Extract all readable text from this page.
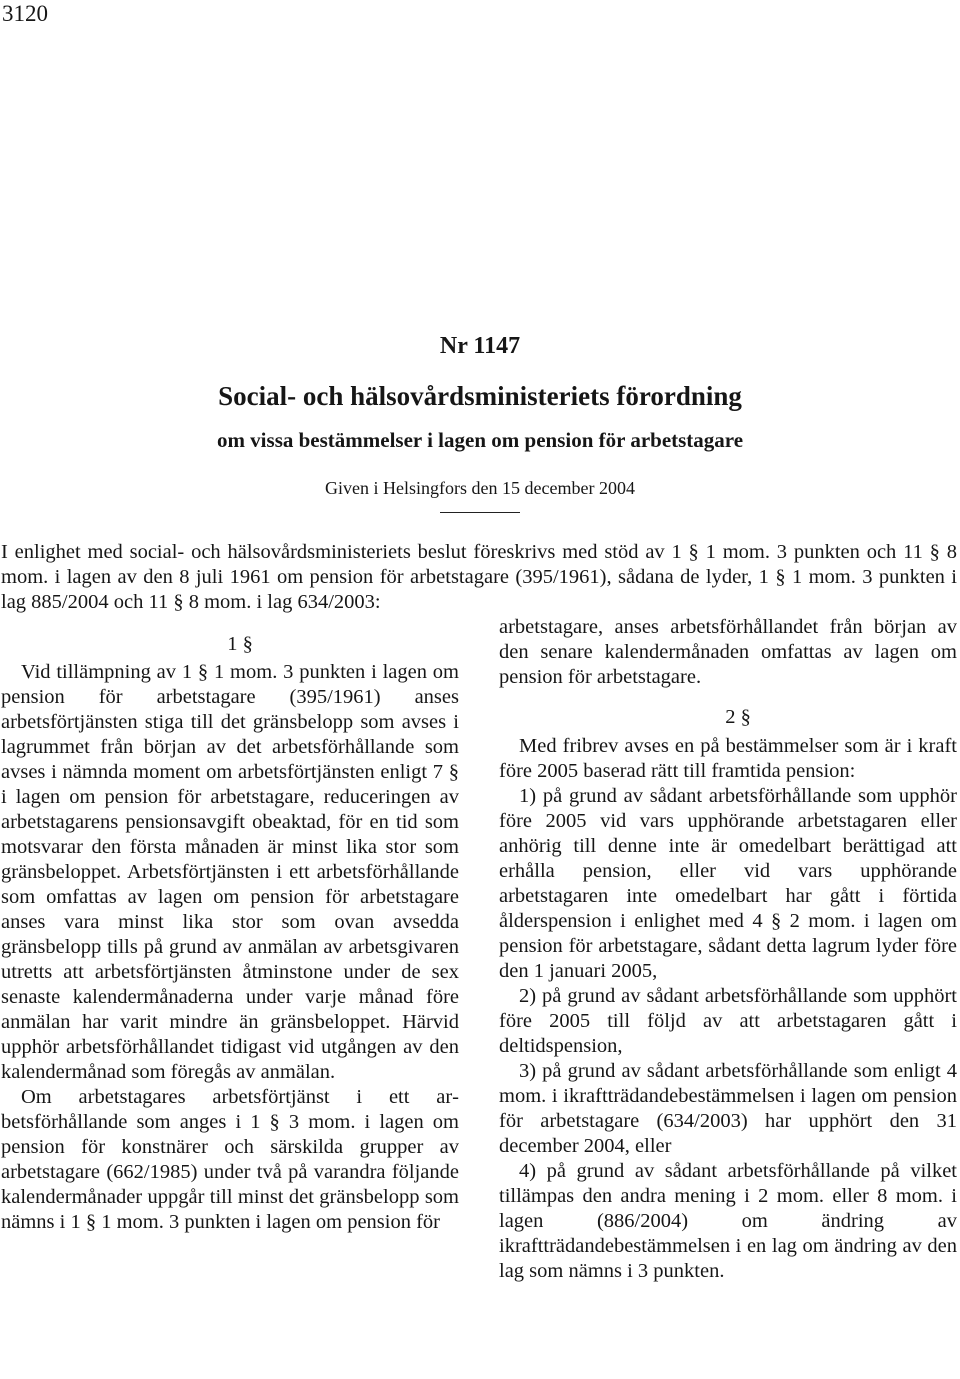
3120
Nr 1147
Social- och hälsovårdsministeriets förordning
om vissa bestämmelser i lagen om pension för arbetstagare
Given i Helsingfors den 15 december 2004
I enlighet med social- och hälsovårdsministeriets beslut föreskrivs med stöd av 1 § 1 mom. 3 punkten och 11 § 8 mom. i lagen av den 8 juli 1961 om pension för arbetstagare (395/1961), sådana de lyder, 1 § 1 mom. 3 punkten i lag 885/2004 och 11 § 8 mom. i lag 634/2003:

1 §

Vid tillämpning av 1 § 1 mom. 3 punkten i lagen om pension för arbetstagare (395/1961) anses arbetsförtjänsten stiga till det gränsbelopp som avses i lagrummet från början av det arbetsförhållande som avses i nämnda moment om arbetsförtjänsten enligt 7 § i lagen om pension för arbetstagare, reduceringen av arbetstagarens pensionsavgift obeaktad, för en tid som motsvarar den första månaden är minst lika stor som gränsbeloppet. Arbetsförtjänsten i ett arbetsförhållande som omfattas av lagen om pension för arbetstagare anses vara minst lika stor som ovan avsedda gränsbelopp tills på grund av anmälan av arbetsgivaren utretts att arbetsförtjänsten åtminstone under de sex senaste kalendermånaderna under varje månad före anmälan har varit mindre än gränsbeloppet. Härvid upphör arbetsförhållandet tidigast vid utgången av den kalendermånad som föregås av anmälan.

Om arbetstagares arbetsförtjänst i ett arbetsförhållande som anges i 1 § 3 mom. i lagen om pension för konstnärer och särskilda grupper av arbetstagare (662/1985) under två på varandra följande kalendermånader uppgår till minst det gränsbelopp som nämns i 1 § 1 mom. 3 punkten i lagen om pension för

arbetstagare, anses arbetsförhållandet från början av den senare kalendermånaden omfattas av lagen om pension för arbetstagare.

2 §

Med fribrev avses en på bestämmelser som är i kraft före 2005 baserad rätt till framtida pension:

1) på grund av sådant arbetsförhållande som upphör före 2005 vid vars upphörande arbetstagaren eller anhörig till denne inte är omedelbart berättigad att erhålla pension, eller vid vars upphörande arbetstagaren inte omedelbart har gått i förtida ålderspension i enlighet med 4 § 2 mom. i lagen om pension för arbetstagare, sådant detta lagrum lyder före den 1 januari 2005,

2) på grund av sådant arbetsförhållande som upphört före 2005 till följd av att arbetstagaren gått i deltidspension,

3) på grund av sådant arbetsförhållande som enligt 4 mom. i ikraftträdandebestämmelsen i lagen om pension för arbetstagare (634/2003) har upphört den 31 december 2004, eller

4) på grund av sådant arbetsförhållande på vilket tillämpas den andra mening i 2 mom. eller 8 mom. i lagen (886/2004) om ändring av ikraftträdandebestämmelsen i en lag om ändring av den lag som nämns i 3 punkten.
